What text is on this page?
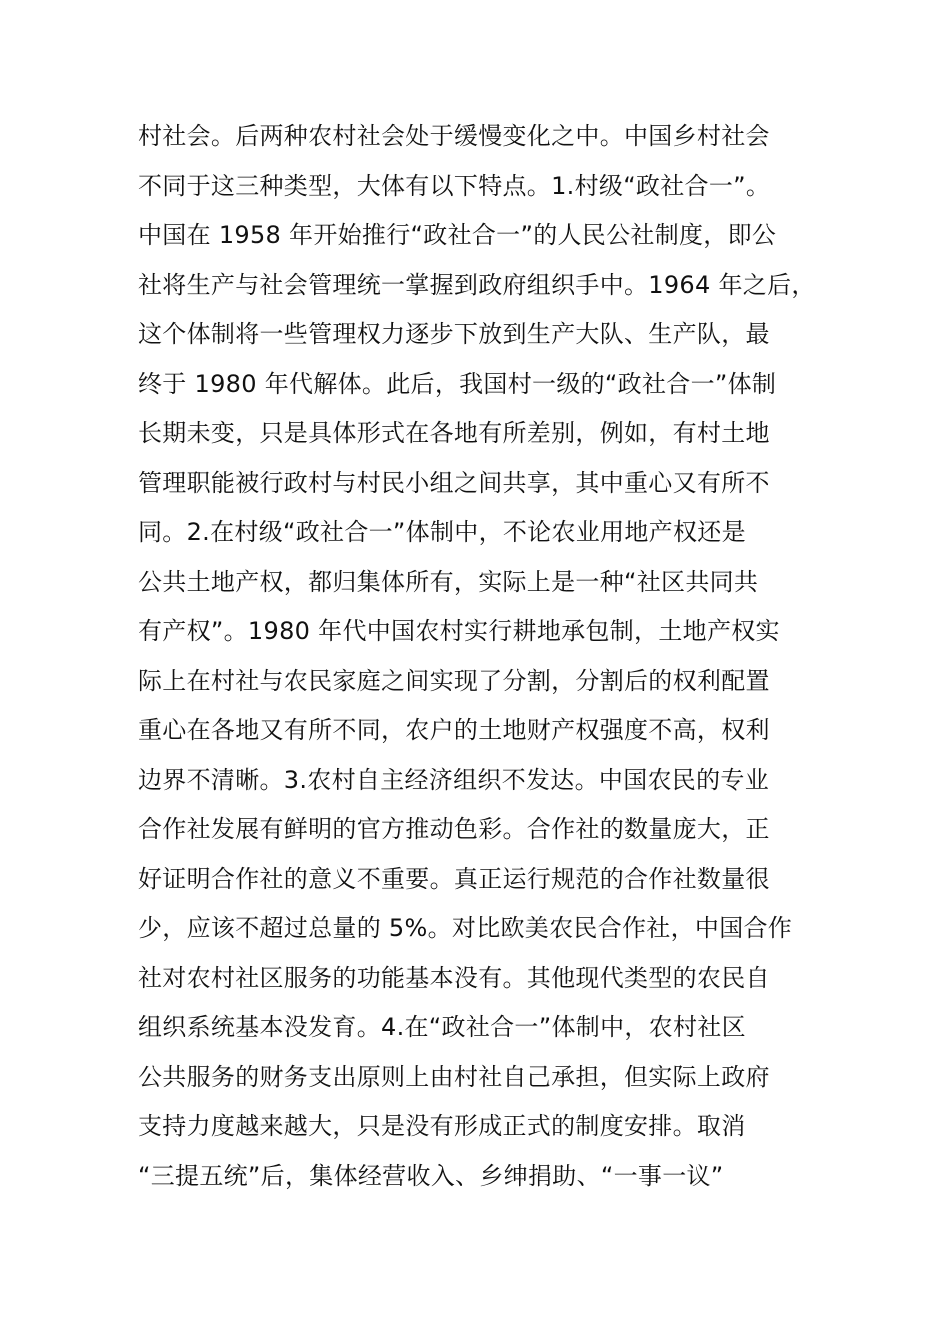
村社会。后两种农村社会处于缓慢变化之中。中国乡村社会
不同于这三种类型，大体有以下特点。1.村级“政社合一”。
中国在 1958 年开始推行“政社合一”的人民公社制度，即公
社将生产与社会管理统一掌握到政府组织手中。1964 年之后，
这个体制将一些管理权力逐步下放到生产大队、生产队，最
终于 1980 年代解体。此后，我国村一级的“政社合一”体制
长期未变，只是具体形式在各地有所差别，例如，有村土地
管理职能被行政村与村民小组之间共享，其中重心又有所不
同。2.在村级“政社合一”体制中，不论农业用地产权还是
公共土地产权，都归集体所有，实际上是一种“社区共同共
有产权”。1980 年代中国农村实行耕地承包制，土地产权实
际上在村社与农民家庭之间实现了分割，分割后的权利配置
重心在各地又有所不同，农户的土地财产权强度不高，权利
边界不清晰。3.农村自主经济组织不发达。中国农民的专业
合作社发展有鲜明的官方推动色彩。合作社的数量庞大，正
好证明合作社的意义不重要。真正运行规范的合作社数量很
少，应该不超过总量的 5%。对比欧美农民合作社，中国合作
社对农村社区服务的功能基本没有。其他现代类型的农民自
组织系统基本没发育。4.在“政社合一”体制中，农村社区
公共服务的财务支出原则上由村社自己承担，但实际上政府
支持力度越来越大，只是没有形成正式的制度安排。取消
“三提五统”后，集体经营收入、乡绅捐助、“一事一议”
